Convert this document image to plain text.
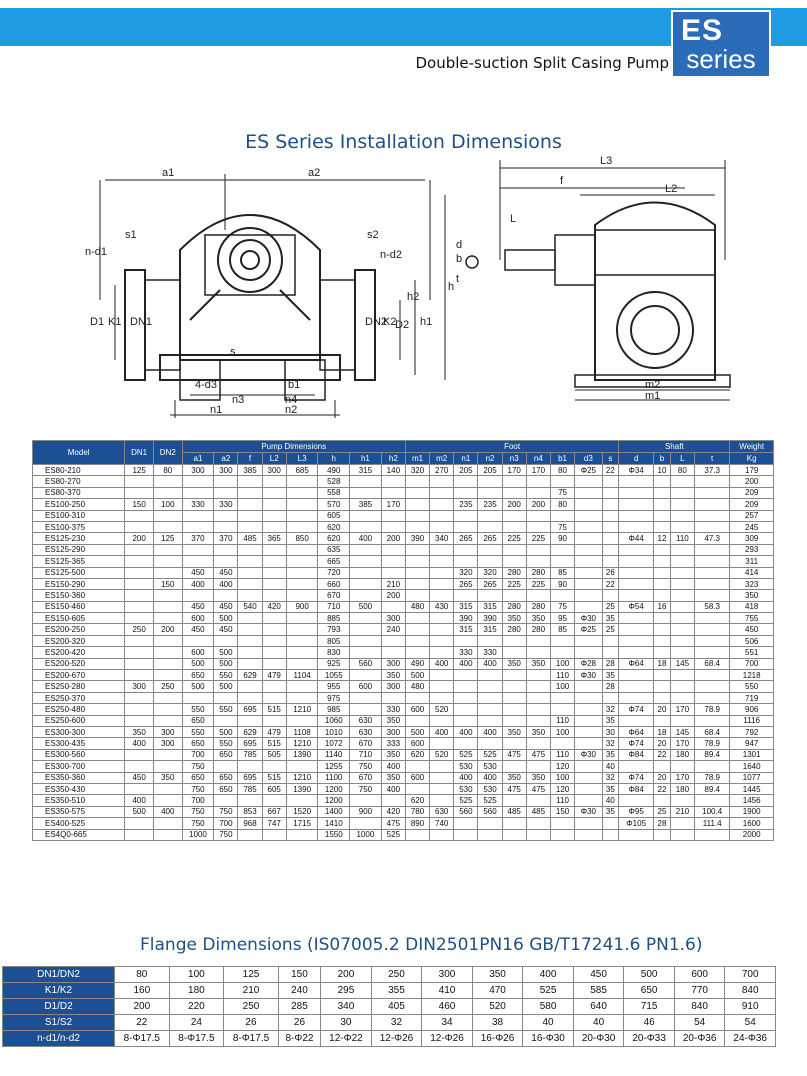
ES
series
Double-suction Split Casing Pump
ES Series Installation Dimensions
a1	a2
s1	s2
n-d1	n-d2
D1 K1 DN1	DN2
K2
D2
h2
h1
h
s
b1
4-d3
n3	n4
n1	n2
L3
f
L2
L
d
b
t
m2
m1
Model	DN1	DN2	Pump Dimensions								Foot									Shaft				Weight
			a1	a2	f	L2	L3	h	h1	h2	m1	m2	n1	n2	n3	n4	b1	d3	s	d	b	L	t	Kg
ES80-210	125	80	300	300	385	300	685	490	315	140	320	270	205	205	170	170	80	Φ25	22	Φ34	10	80	37.3	179
ES80-270								528																200
ES80-370								558									75							209
ES100-250	150	100	330	330				570	385	170			235	235	200	200	80							209
ES100-310								605																257
ES100-375								620									75							245
ES125-230	200	125	370	370	485	365	850	620	400	200	390	340	265	265	225	225	90			Φ44	12	110	47.3	309
ES125-290								635																293
ES125-365								665																311
ES125-500			450	450				720					320	320	280	280	85		26					414
ES150-290		150	400	400				660		210			265	265	225	225	90		22					323
ES150-360								670		200														350
ES150-460			450	450	540	420	900	710	500		480	430	315	315	280	280	75		25	Φ54	16		58.3	418
ES150-605			600	500				885		300			390	390	350	350	95	Φ30	35					755
ES200-250	250	200	450	450				793		240			315	315	280	280	85	Φ25	25					450
ES200-320								805																506
ES200-420			600	500				830					330	330										551
ES200-520			500	500				925	560	300	490	400	400	400	350	350	100	Φ28	28	Φ64	18	145	68.4	700
ES200-670			650	550	629	479	1104	1055		350	500						110	Φ30	35					1218
ES250-280	300	250	500	500				955	600	300	480						100		28					550
ES250-370								975																719
ES250-480			550	550	695	515	1210	985		330	600	520							32	Φ74	20	170	78.9	906
ES250-600			650					1060	630	350							110		35					1116
ES300-300	350	300	550	500	629	479	1108	1010	630	300	500	400	400	400	350	350	100		30	Φ64	18	145	68.4	792
ES300-435	400	300	650	550	695	515	1210	1072	670	333	600								32	Φ74	20	170	78.9	947
ES300-560			700	650	785	505	1390	1140	710	350	620	520	525	525	475	475	110	Φ30	35	Φ84	22	180	89.4	1301
ES300-700			750					1255	750	400			530	530			120		40					1640
ES350-360	450	350	650	650	695	515	1210	1100	670	350	600		400	400	350	350	100		32	Φ74	20	170	78.9	1077
ES350-430			750	650	785	605	1390	1200	750	400			530	530	475	475	120		35	Φ84	22	180	89.4	1445
ES350-510	400		700					1200			620		525	525			110		40					1456
ES350-575	500	400	750	750	853	667	1520	1400	900	420	780	630	560	560	485	485	150	Φ30	35	Φ95	25	210	100.4	1900
ES400-525			750	700	968	747	1715	1410		475	890	740								Φ105	28		111.4	1600
ES4Q0-665			1000	750				1550	1000	525														2000
Flange Dimensions (IS07005.2 DIN2501PN16 GB/T17241.6 PN1.6)
DN1/DN2	80	100	125	150	200	250	300	350	400	450	500	600	700
K1/K2	160	180	210	240	295	355	410	470	525	585	650	770	840
D1/D2	200	220	250	285	340	405	460	520	580	640	715	840	910
S1/S2	22	24	26	26	30	32	34	38	40	40	46	54	54
n-d1/n-d2	8-Φ17.5	8-Φ17.5	8-Φ17.5	8-Φ22	12-Φ22	12-Φ26	12-Φ26	16-Φ26	16-Φ30	20-Φ30	20-Φ33	20-Φ36	24-Φ36
